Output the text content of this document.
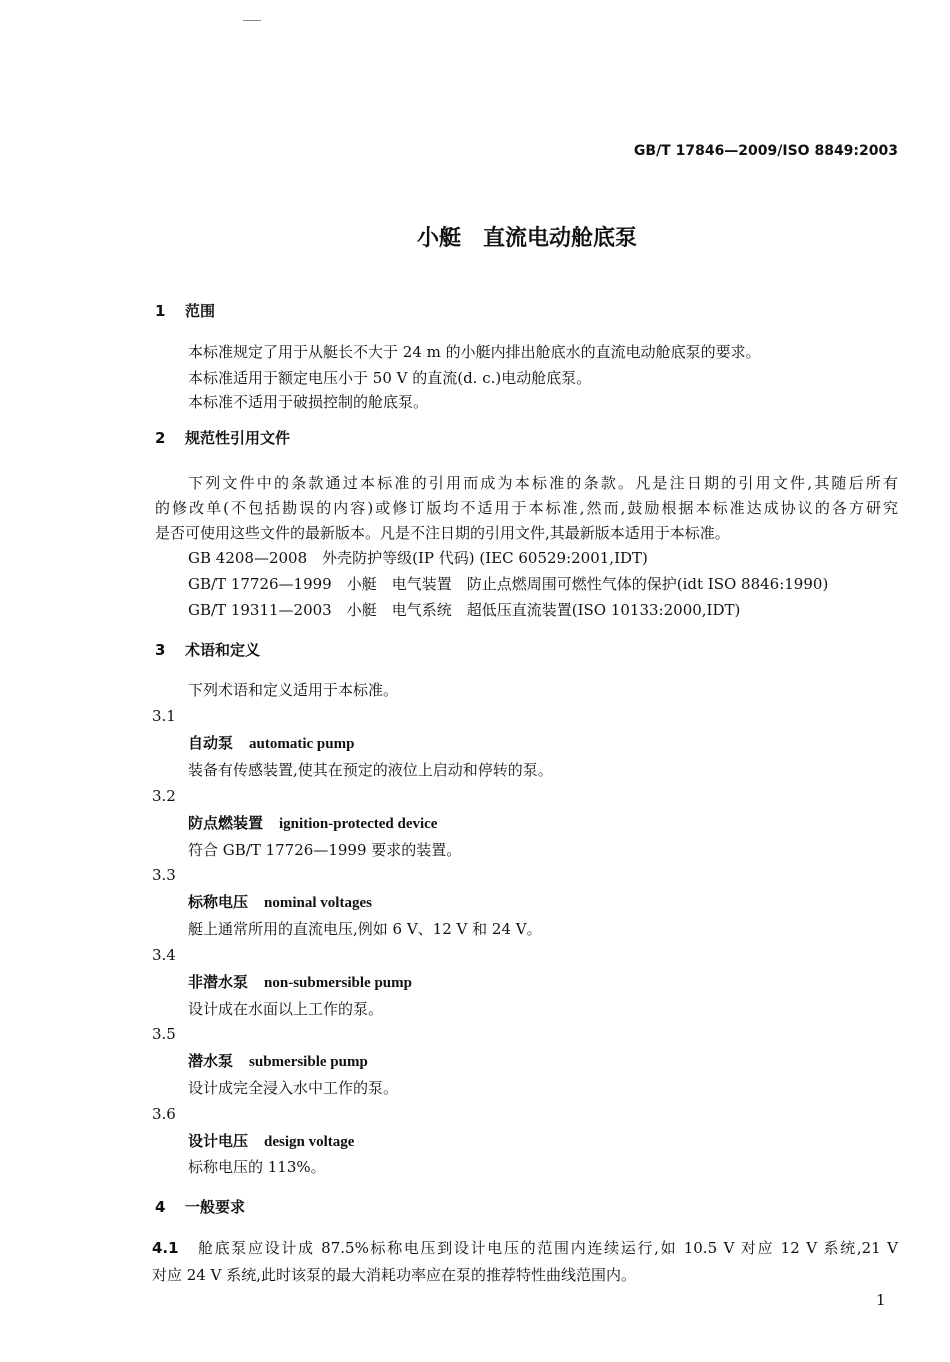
GB/T 17846—2009/ISO 8849:2003
小艇　直流电动舱底泵
1 范围
本标准规定了用于从艇长不大于 24 m 的小艇内排出舱底水的直流电动舱底泵的要求。
本标准适用于额定电压小于 50 V 的直流(d. c.)电动舱底泵。
本标准不适用于破损控制的舱底泵。
2 规范性引用文件
下列文件中的条款通过本标准的引用而成为本标准的条款。凡是注日期的引用文件,其随后所有
的修改单(不包括勘误的内容)或修订版均不适用于本标准,然而,鼓励根据本标准达成协议的各方研究
是否可使用这些文件的最新版本。凡是不注日期的引用文件,其最新版本适用于本标准。
GB 4208—2008　外壳防护等级(IP 代码) (IEC 60529:2001,IDT)
GB/T 17726—1999　小艇　电气装置　防止点燃周围可燃性气体的保护(idt ISO 8846:1990)
GB/T 19311—2003　小艇　电气系统　超低压直流装置(ISO 10133:2000,IDT)
3 术语和定义
下列术语和定义适用于本标准。
3.1
自动泵 automatic pump
装备有传感装置,使其在预定的液位上启动和停转的泵。
3.2
防点燃装置 ignition-protected device
符合 GB/T 17726—1999 要求的装置。
3.3
标称电压 nominal voltages
艇上通常所用的直流电压,例如 6 V、12 V 和 24 V。
3.4
非潜水泵 non-submersible pump
设计成在水面以上工作的泵。
3.5
潜水泵 submersible pump
设计成完全浸入水中工作的泵。
3.6
设计电压 design voltage
标称电压的 113%。
4 一般要求
4.1 舱底泵应设计成 87.5%标称电压到设计电压的范围内连续运行,如 10.5 V 对应 12 V 系统,21 V
对应 24 V 系统,此时该泵的最大消耗功率应在泵的推荐特性曲线范围内。
1
